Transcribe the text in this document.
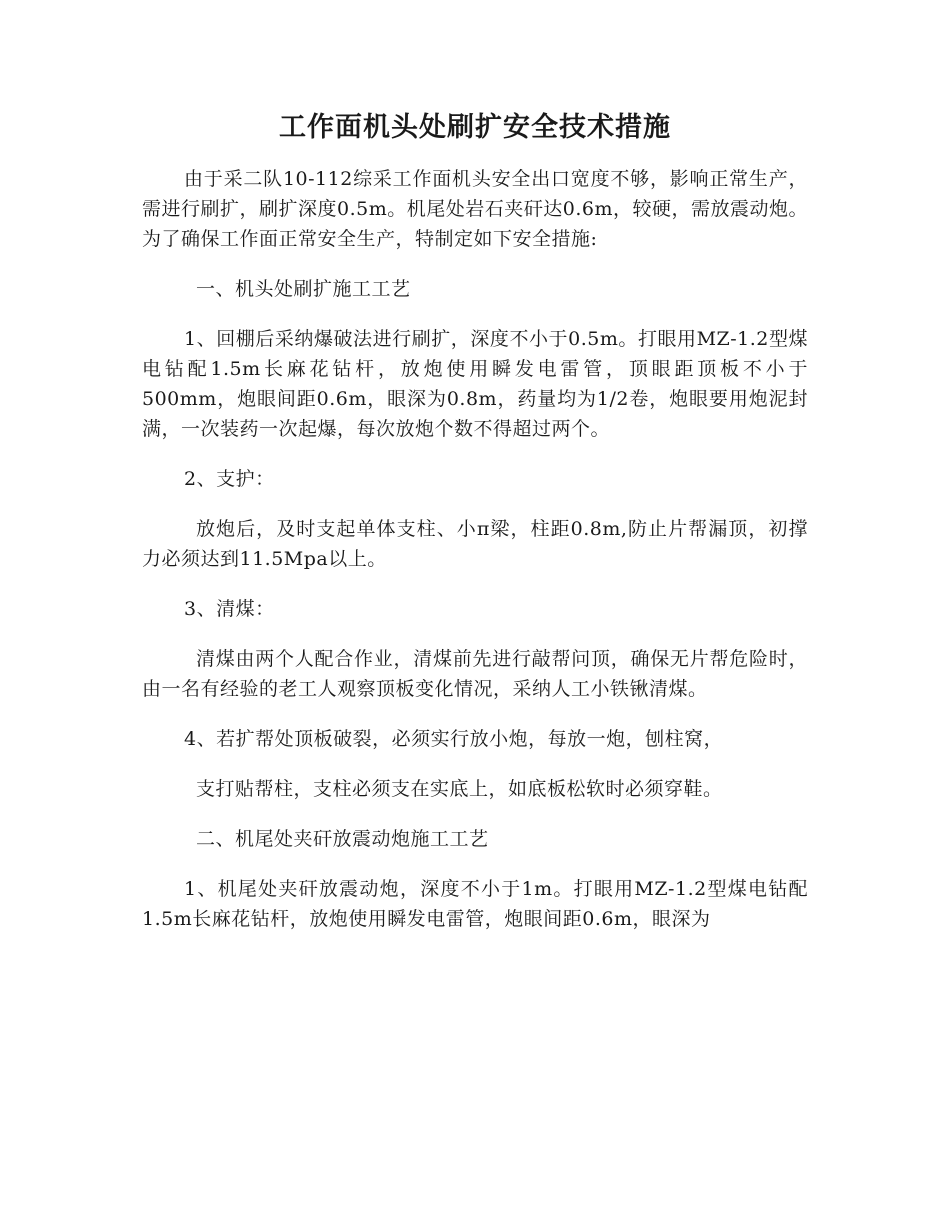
工作面机头处刷扩安全技术措施

由于采二队10-112综采工作面机头安全出口宽度不够，影响正常生产，需进行刷扩，刷扩深度0.5m。机尾处岩石夹矸达0.6m，较硬，需放震动炮。为了确保工作面正常安全生产，特制定如下安全措施:

一、机头处刷扩施工工艺

1、回棚后采纳爆破法进行刷扩，深度不小于0.5m。打眼用MZ-1.2型煤电钻配1.5m长麻花钻杆，放炮使用瞬发电雷管，顶眼距顶板不小于500mm，炮眼间距0.6m，眼深为0.8m，药量均为1/2卷，炮眼要用炮泥封满，一次装药一次起爆，每次放炮个数不得超过两个。

2、支护：

放炮后，及时支起单体支柱、小π梁，柱距0.8m,防止片帮漏顶，初撑力必须达到11.5Mpa以上。

3、清煤：

清煤由两个人配合作业，清煤前先进行敲帮问顶，确保无片帮危险时，由一名有经验的老工人观察顶板变化情况，采纳人工小铁锹清煤。

4、若扩帮处顶板破裂，必须实行放小炮，每放一炮，刨柱窝，

支打贴帮柱，支柱必须支在实底上，如底板松软时必须穿鞋。

二、机尾处夹矸放震动炮施工工艺

1、机尾处夹矸放震动炮，深度不小于1m。打眼用MZ-1.2型煤电钻配1.5m长麻花钻杆，放炮使用瞬发电雷管，炮眼间距0.6m，眼深为
